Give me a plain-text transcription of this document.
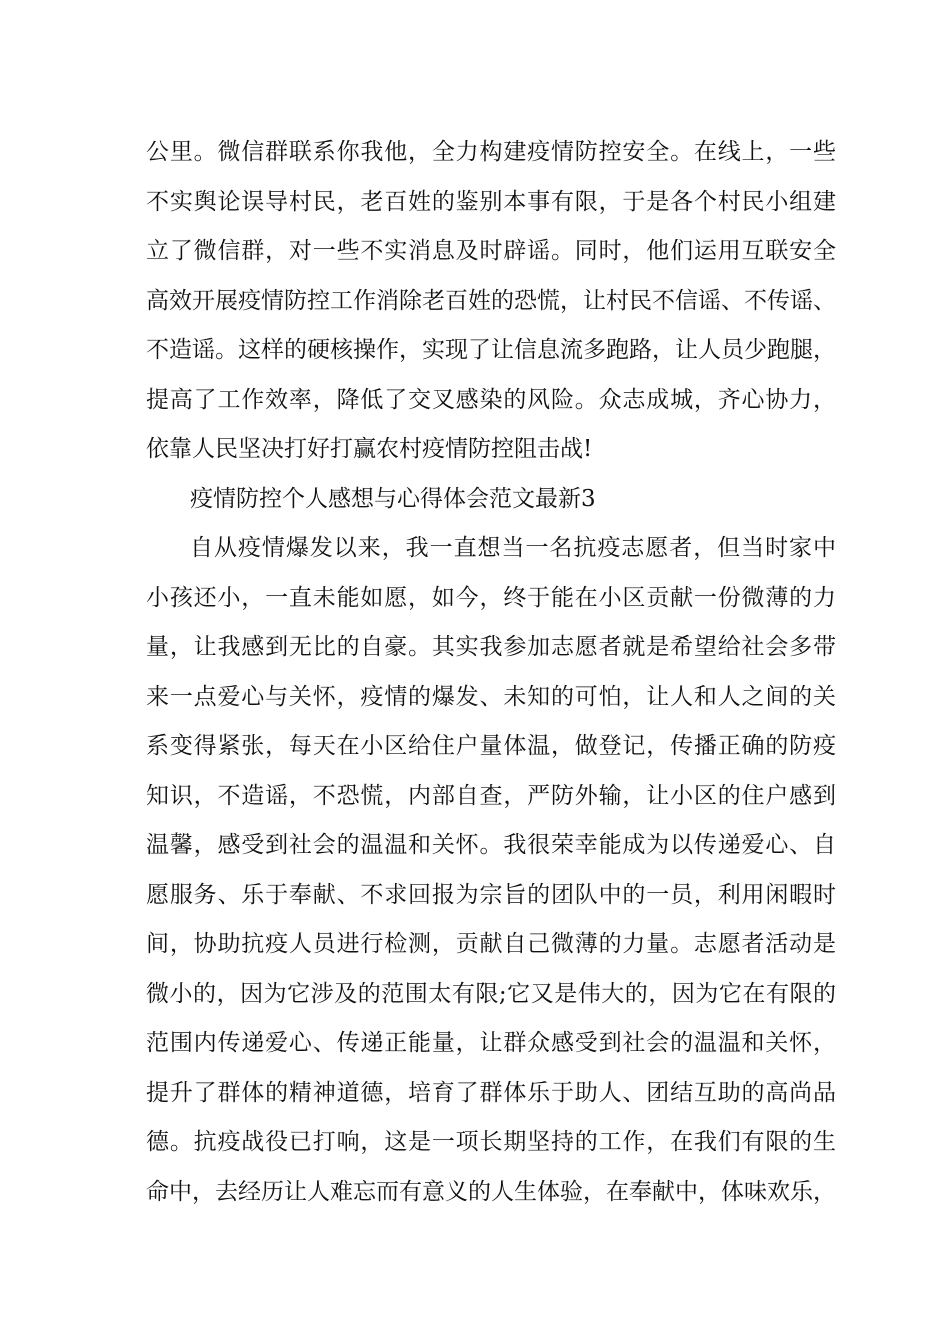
公里。微信群联系你我他，全力构建疫情防控安全。在线上，一些
不实舆论误导村民，老百姓的鉴别本事有限，于是各个村民小组建
立了微信群，对一些不实消息及时辟谣。同时，他们运用互联安全
高效开展疫情防控工作消除老百姓的恐慌，让村民不信谣、不传谣、
不造谣。这样的硬核操作，实现了让信息流多跑路，让人员少跑腿，
提高了工作效率，降低了交叉感染的风险。众志成城，齐心协力，
依靠人民坚决打好打赢农村疫情防控阻击战!
疫情防控个人感想与心得体会范文最新3
自从疫情爆发以来，我一直想当一名抗疫志愿者，但当时家中
小孩还小，一直未能如愿，如今，终于能在小区贡献一份微薄的力
量，让我感到无比的自豪。其实我参加志愿者就是希望给社会多带
来一点爱心与关怀，疫情的爆发、未知的可怕，让人和人之间的关
系变得紧张，每天在小区给住户量体温，做登记，传播正确的防疫
知识，不造谣，不恐慌，内部自查，严防外输，让小区的住户感到
温馨，感受到社会的温温和关怀。我很荣幸能成为以传递爱心、自
愿服务、乐于奉献、不求回报为宗旨的团队中的一员，利用闲暇时
间，协助抗疫人员进行检测，贡献自己微薄的力量。志愿者活动是
微小的，因为它涉及的范围太有限;它又是伟大的，因为它在有限的
范围内传递爱心、传递正能量，让群众感受到社会的温温和关怀，
提升了群体的精神道德，培育了群体乐于助人、团结互助的高尚品
德。抗疫战役已打响，这是一项长期坚持的工作，在我们有限的生
命中，去经历让人难忘而有意义的人生体验，在奉献中，体味欢乐，
